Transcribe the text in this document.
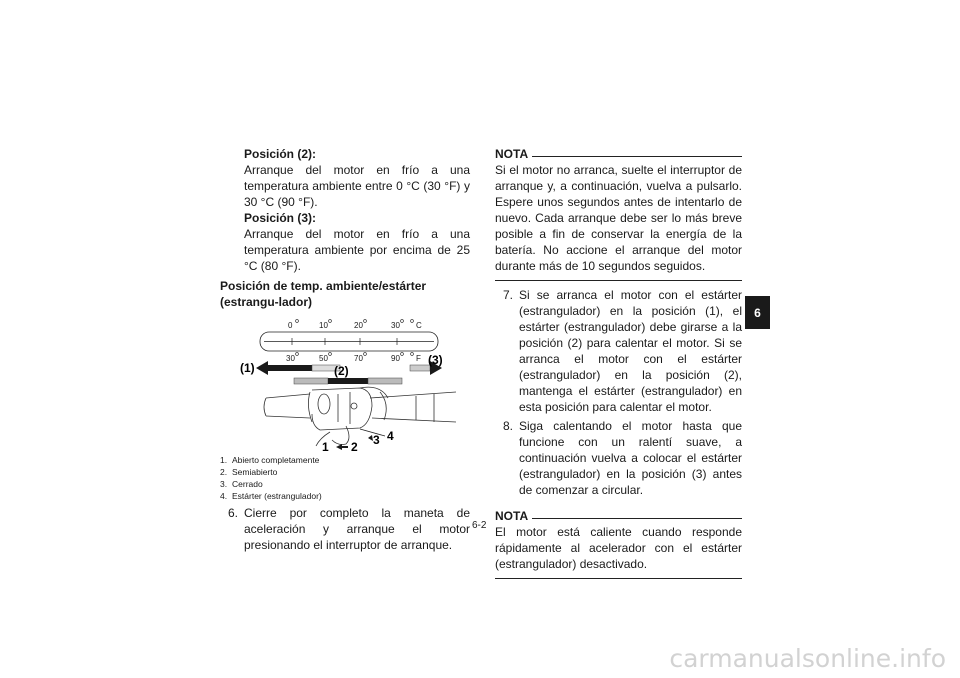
Posición (2):
Arranque del motor en frío a una temperatura ambiente entre 0 °C (30 °F) y 30 °C (90 °F).
Posición (3):
Arranque del motor en frío a una temperatura ambiente por encima de 25 °C (80 °F).
Posición de temp. ambiente/estárter (estrangu-lador)
0	10	20	30 C
30	50	70	90 F
(1)	(2)
(3)
1 2 3 4
1. Abierto completamente
2. Semiabierto
3. Cerrado
4. Estárter (estrangulador)
6. Cierre por completo la maneta de aceleración y arranque el motor presionando el interruptor de arranque.
NOTA
Si el motor no arranca, suelte el interruptor de arranque y, a continuación, vuelva a pulsarlo. Espere unos segundos antes de intentarlo de nuevo. Cada arranque debe ser lo más breve posible a fin de conservar la energía de la batería. No accione el arranque del motor durante más de 10 segundos seguidos.
7. Si se arranca el motor con el estárter (estrangulador) en la posición (1), el estárter (estrangulador) debe girarse a la posición (2) para calentar el motor. Si se arranca el motor con el estárter (estrangulador) en la posición (2), mantenga el estárter (estrangulador) en esta posición para calentar el motor.
8. Siga calentando el motor hasta que funcione con un ralentí suave, a continuación vuelva a colocar el estárter (estrangulador) en la posición (3) antes de comenzar a circular.
NOTA
El motor está caliente cuando responde rápidamente al acelerador con el estárter (estrangulador) desactivado.
6-2
6
carmanualsonline.info
